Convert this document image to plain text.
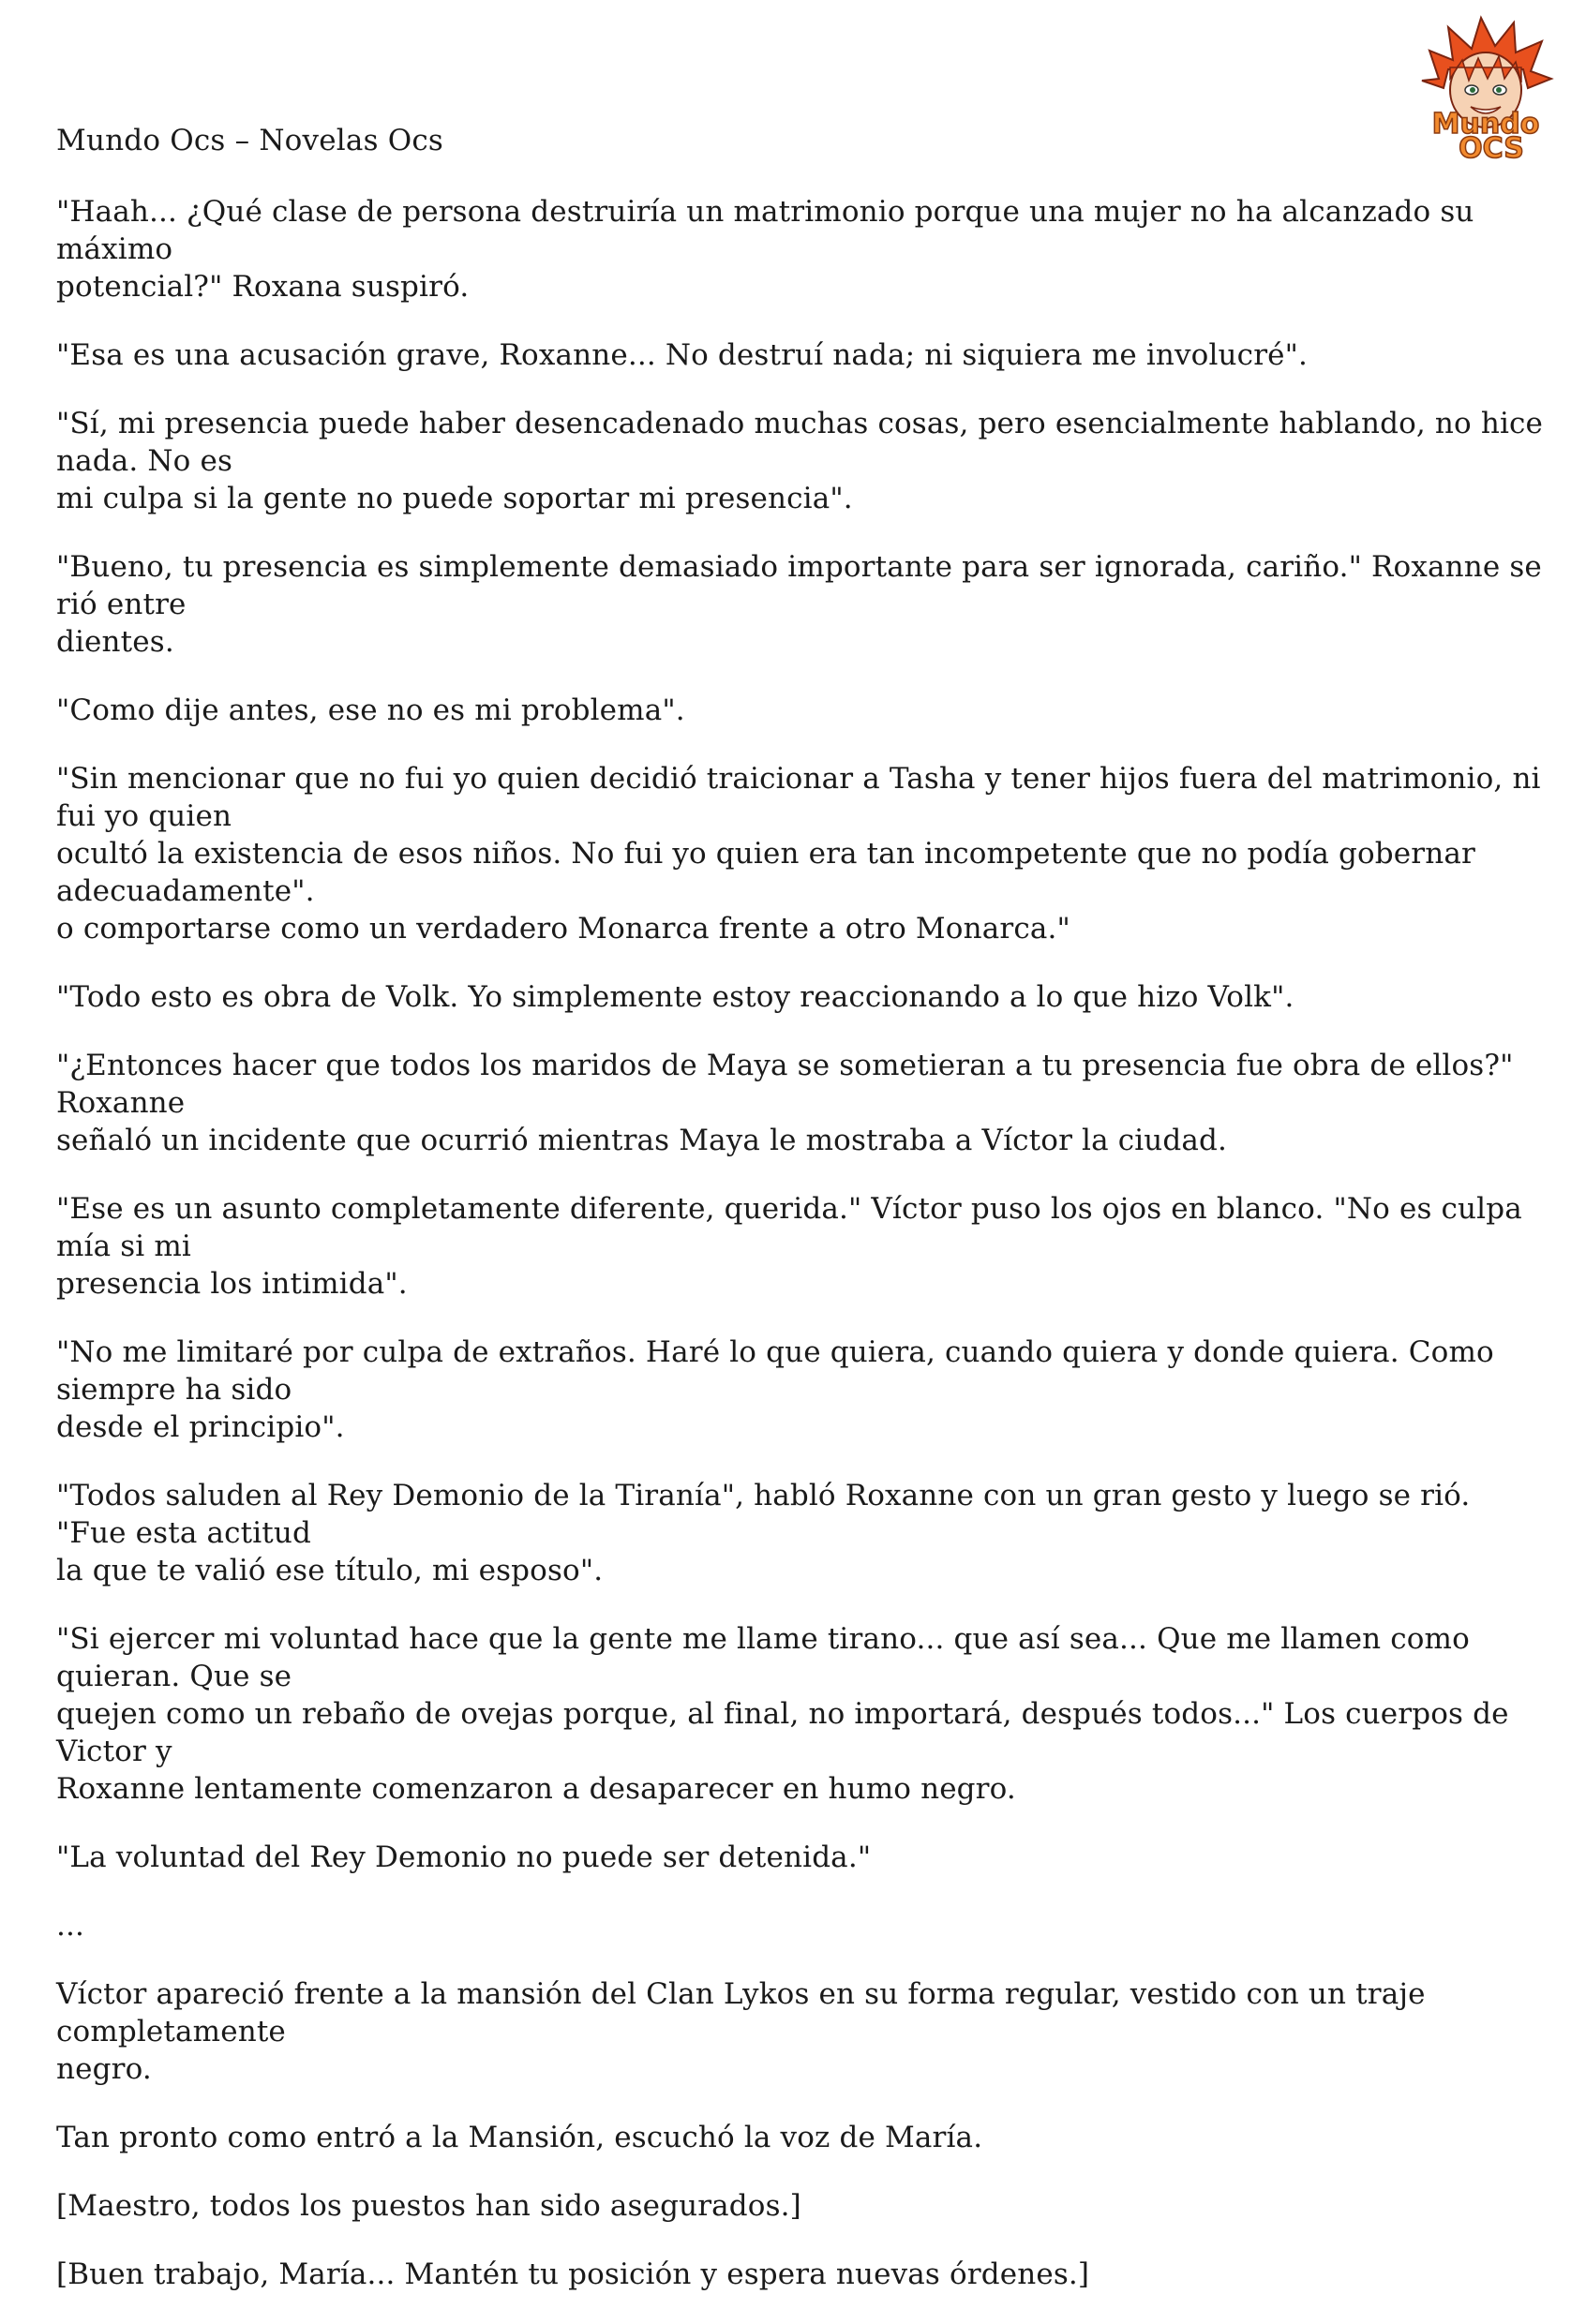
Mundo
OCS
Mundo Ocs – Novelas Ocs

"Haah... ¿Qué clase de persona destruiría un matrimonio porque una mujer no ha alcanzado su máximo
potencial?" Roxana suspiró.

"Esa es una acusación grave, Roxanne... No destruí nada; ni siquiera me involucré".

"Sí, mi presencia puede haber desencadenado muchas cosas, pero esencialmente hablando, no hice nada. No es
mi culpa si la gente no puede soportar mi presencia".

"Bueno, tu presencia es simplemente demasiado importante para ser ignorada, cariño." Roxanne se rió entre
dientes.

"Como dije antes, ese no es mi problema".

"Sin mencionar que no fui yo quien decidió traicionar a Tasha y tener hijos fuera del matrimonio, ni fui yo quien
ocultó la existencia de esos niños. No fui yo quien era tan incompetente que no podía gobernar adecuadamente".
o comportarse como un verdadero Monarca frente a otro Monarca."

"Todo esto es obra de Volk. Yo simplemente estoy reaccionando a lo que hizo Volk".

"¿Entonces hacer que todos los maridos de Maya se sometieran a tu presencia fue obra de ellos?" Roxanne
señaló un incidente que ocurrió mientras Maya le mostraba a Víctor la ciudad.

"Ese es un asunto completamente diferente, querida." Víctor puso los ojos en blanco. "No es culpa mía si mi
presencia los intimida".

"No me limitaré por culpa de extraños. Haré lo que quiera, cuando quiera y donde quiera. Como siempre ha sido
desde el principio".

"Todos saluden al Rey Demonio de la Tiranía", habló Roxanne con un gran gesto y luego se rió. "Fue esta actitud
la que te valió ese título, mi esposo".

"Si ejercer mi voluntad hace que la gente me llame tirano... que así sea... Que me llamen como quieran. Que se
quejen como un rebaño de ovejas porque, al final, no importará, después todos..." Los cuerpos de Victor y
Roxanne lentamente comenzaron a desaparecer en humo negro.

"La voluntad del Rey Demonio no puede ser detenida."

...

Víctor apareció frente a la mansión del Clan Lykos en su forma regular, vestido con un traje completamente
negro.

Tan pronto como entró a la Mansión, escuchó la voz de María.

[Maestro, todos los puestos han sido asegurados.]

[Buen trabajo, María... Mantén tu posición y espera nuevas órdenes.]
